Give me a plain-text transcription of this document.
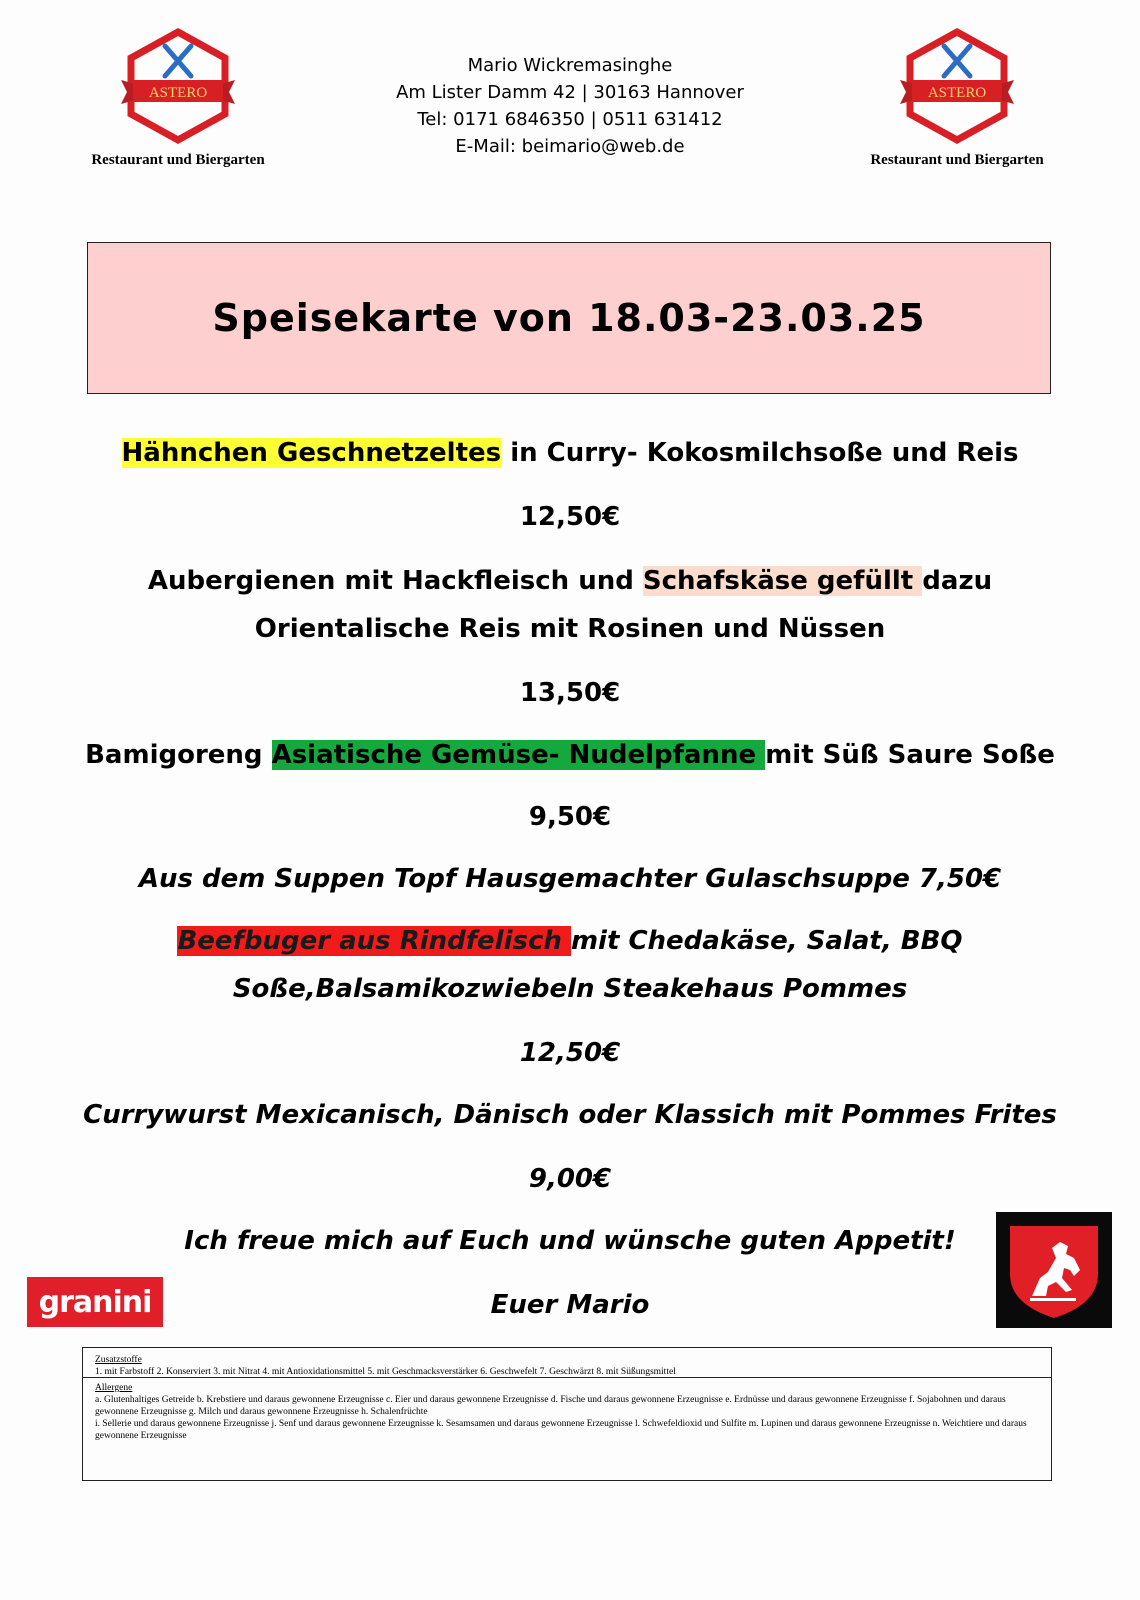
ASTERO
Restaurant und Biergarten
Mario Wickremasinghe
Am Lister Damm 42 | 30163 Hannover
Tel: 0171 6846350 | 0511 631412
E-Mail: beimario@web.de
ASTERO
Restaurant und Biergarten
Speisekarte von 18.03-23.03.25
Hähnchen Geschnetzeltes in Curry- Kokosmilchsoße und Reis
12,50€
Aubergienen mit Hackfleisch und Schafskäse gefüllt dazu
Orientalische Reis mit Rosinen und Nüssen
13,50€
Bamigoreng Asiatische Gemüse- Nudelpfanne mit Süß Saure Soße
9,50€
Aus dem Suppen Topf Hausgemachter Gulaschsuppe 7,50€
Beefbuger aus Rindfelisch mit Chedakäse, Salat, BBQ
Soße,Balsamikozwiebeln Steakehaus Pommes
12,50€
Currywurst Mexicanisch, Dänisch oder Klassich mit Pommes Frites
9,00€
Ich freue mich auf Euch und wünsche guten Appetit!
Euer Mario
granini
Zusatzstoffe
1. mit Farbstoff 2. Konserviert 3. mit Nitrat 4. mit Antioxidationsmittel 5. mit Geschmacksverstärker 6. Geschwefelt 7. Geschwärzt 8. mit Süßungsmittel
Allergene
a. Glutenhaltiges Getreide b. Krebstiere und daraus gewonnene Erzeugnisse c. Eier und daraus gewonnene Erzeugnisse d. Fische und daraus gewonnene Erzeugnisse e. Erdnüsse und daraus gewonnene Erzeugnisse f. Sojabohnen und daraus gewonnene Erzeugnisse g. Milch und daraus gewonnene Erzeugnisse h. Schalenfrüchte
i. Sellerie und daraus gewonnene Erzeugnisse j. Senf und daraus gewonnene Erzeugnisse k. Sesamsamen und daraus gewonnene Erzeugnisse l. Schwefeldioxid und Sulfite m. Lupinen und daraus gewonnene Erzeugnisse n. Weichtiere und daraus gewonnene Erzeugnisse
